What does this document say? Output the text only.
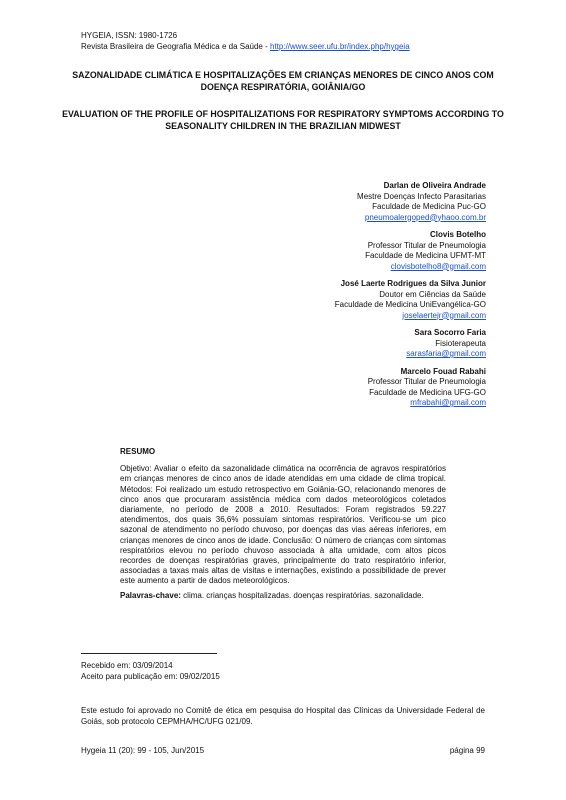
HYGEIA, ISSN: 1980-1726
Revista Brasileira de Geografia Médica e da Saúde - http://www.seer.ufu.br/index.php/hygeia
SAZONALIDADE CLIMÁTICA E HOSPITALIZAÇÕES EM CRIANÇAS MENORES DE CINCO ANOS COM DOENÇA RESPIRATÓRIA, GOIÂNIA/GO
EVALUATION OF THE PROFILE OF HOSPITALIZATIONS FOR RESPIRATORY SYMPTOMS ACCORDING TO SEASONALITY CHILDREN IN THE BRAZILIAN MIDWEST
Darlan de Oliveira Andrade
Mestre Doenças Infecto Parasitarias
Faculdade de Medicina Puc-GO
pneumoalergoped@yhaoo.com.br
Clovis Botelho
Professor Titular de Pneumologia
Faculdade de Medicina UFMT-MT
clovisbotelho8@gmail.com
José Laerte Rodrigues da Silva Junior
Doutor em Ciências da Saúde
Faculdade de Medicina UniEvangélica-GO
joselaertejr@gmail.com
Sara Socorro Faria
Fisioterapeuta
sarasfaria@gmail.com
Marcelo Fouad Rabahi
Professor Titular de Pneumologia
Faculdade de Medicina UFG-GO
mfrabahi@gmail.com
RESUMO
Objetivo: Avaliar o efeito da sazonalidade climática na ocorrência de agravos respiratórios em crianças menores de cinco anos de idade atendidas em uma cidade de clima tropical. Métodos: Foi realizado um estudo retrospectivo em Goiânia-GO, relacionando menores de cinco anos que procuraram assistência médica com dados meteorológicos coletados diariamente, no período de 2008 a 2010. Resultados: Foram registrados 59.227 atendimentos, dos quais 36,6% possuíam sintomas respiratórios. Verificou-se um pico sazonal de atendimento no período chuvoso, por doenças das vias aéreas inferiores, em crianças menores de cinco anos de idade. Conclusão: O número de crianças com sintomas respiratórios elevou no período chuvoso associada à alta umidade, com altos picos recordes de doenças respiratórias graves, principalmente do trato respiratório inferior, associadas a taxas mais altas de visitas e internações, existindo a possibilidade de prever este aumento a partir de dados meteorológicos.
Palavras-chave: clima. crianças hospitalizadas. doenças respiratórias. sazonalidade.
Recebido em: 03/09/2014
Aceito para publicação em: 09/02/2015
Este estudo foi aprovado no Comitê de ética em pesquisa do Hospital das Clínicas da Universidade Federal de Goiás, sob protocolo CEPMHA/HC/UFG 021/09.
Hygeia 11 (20): 99 - 105, Jun/2015	página 99
